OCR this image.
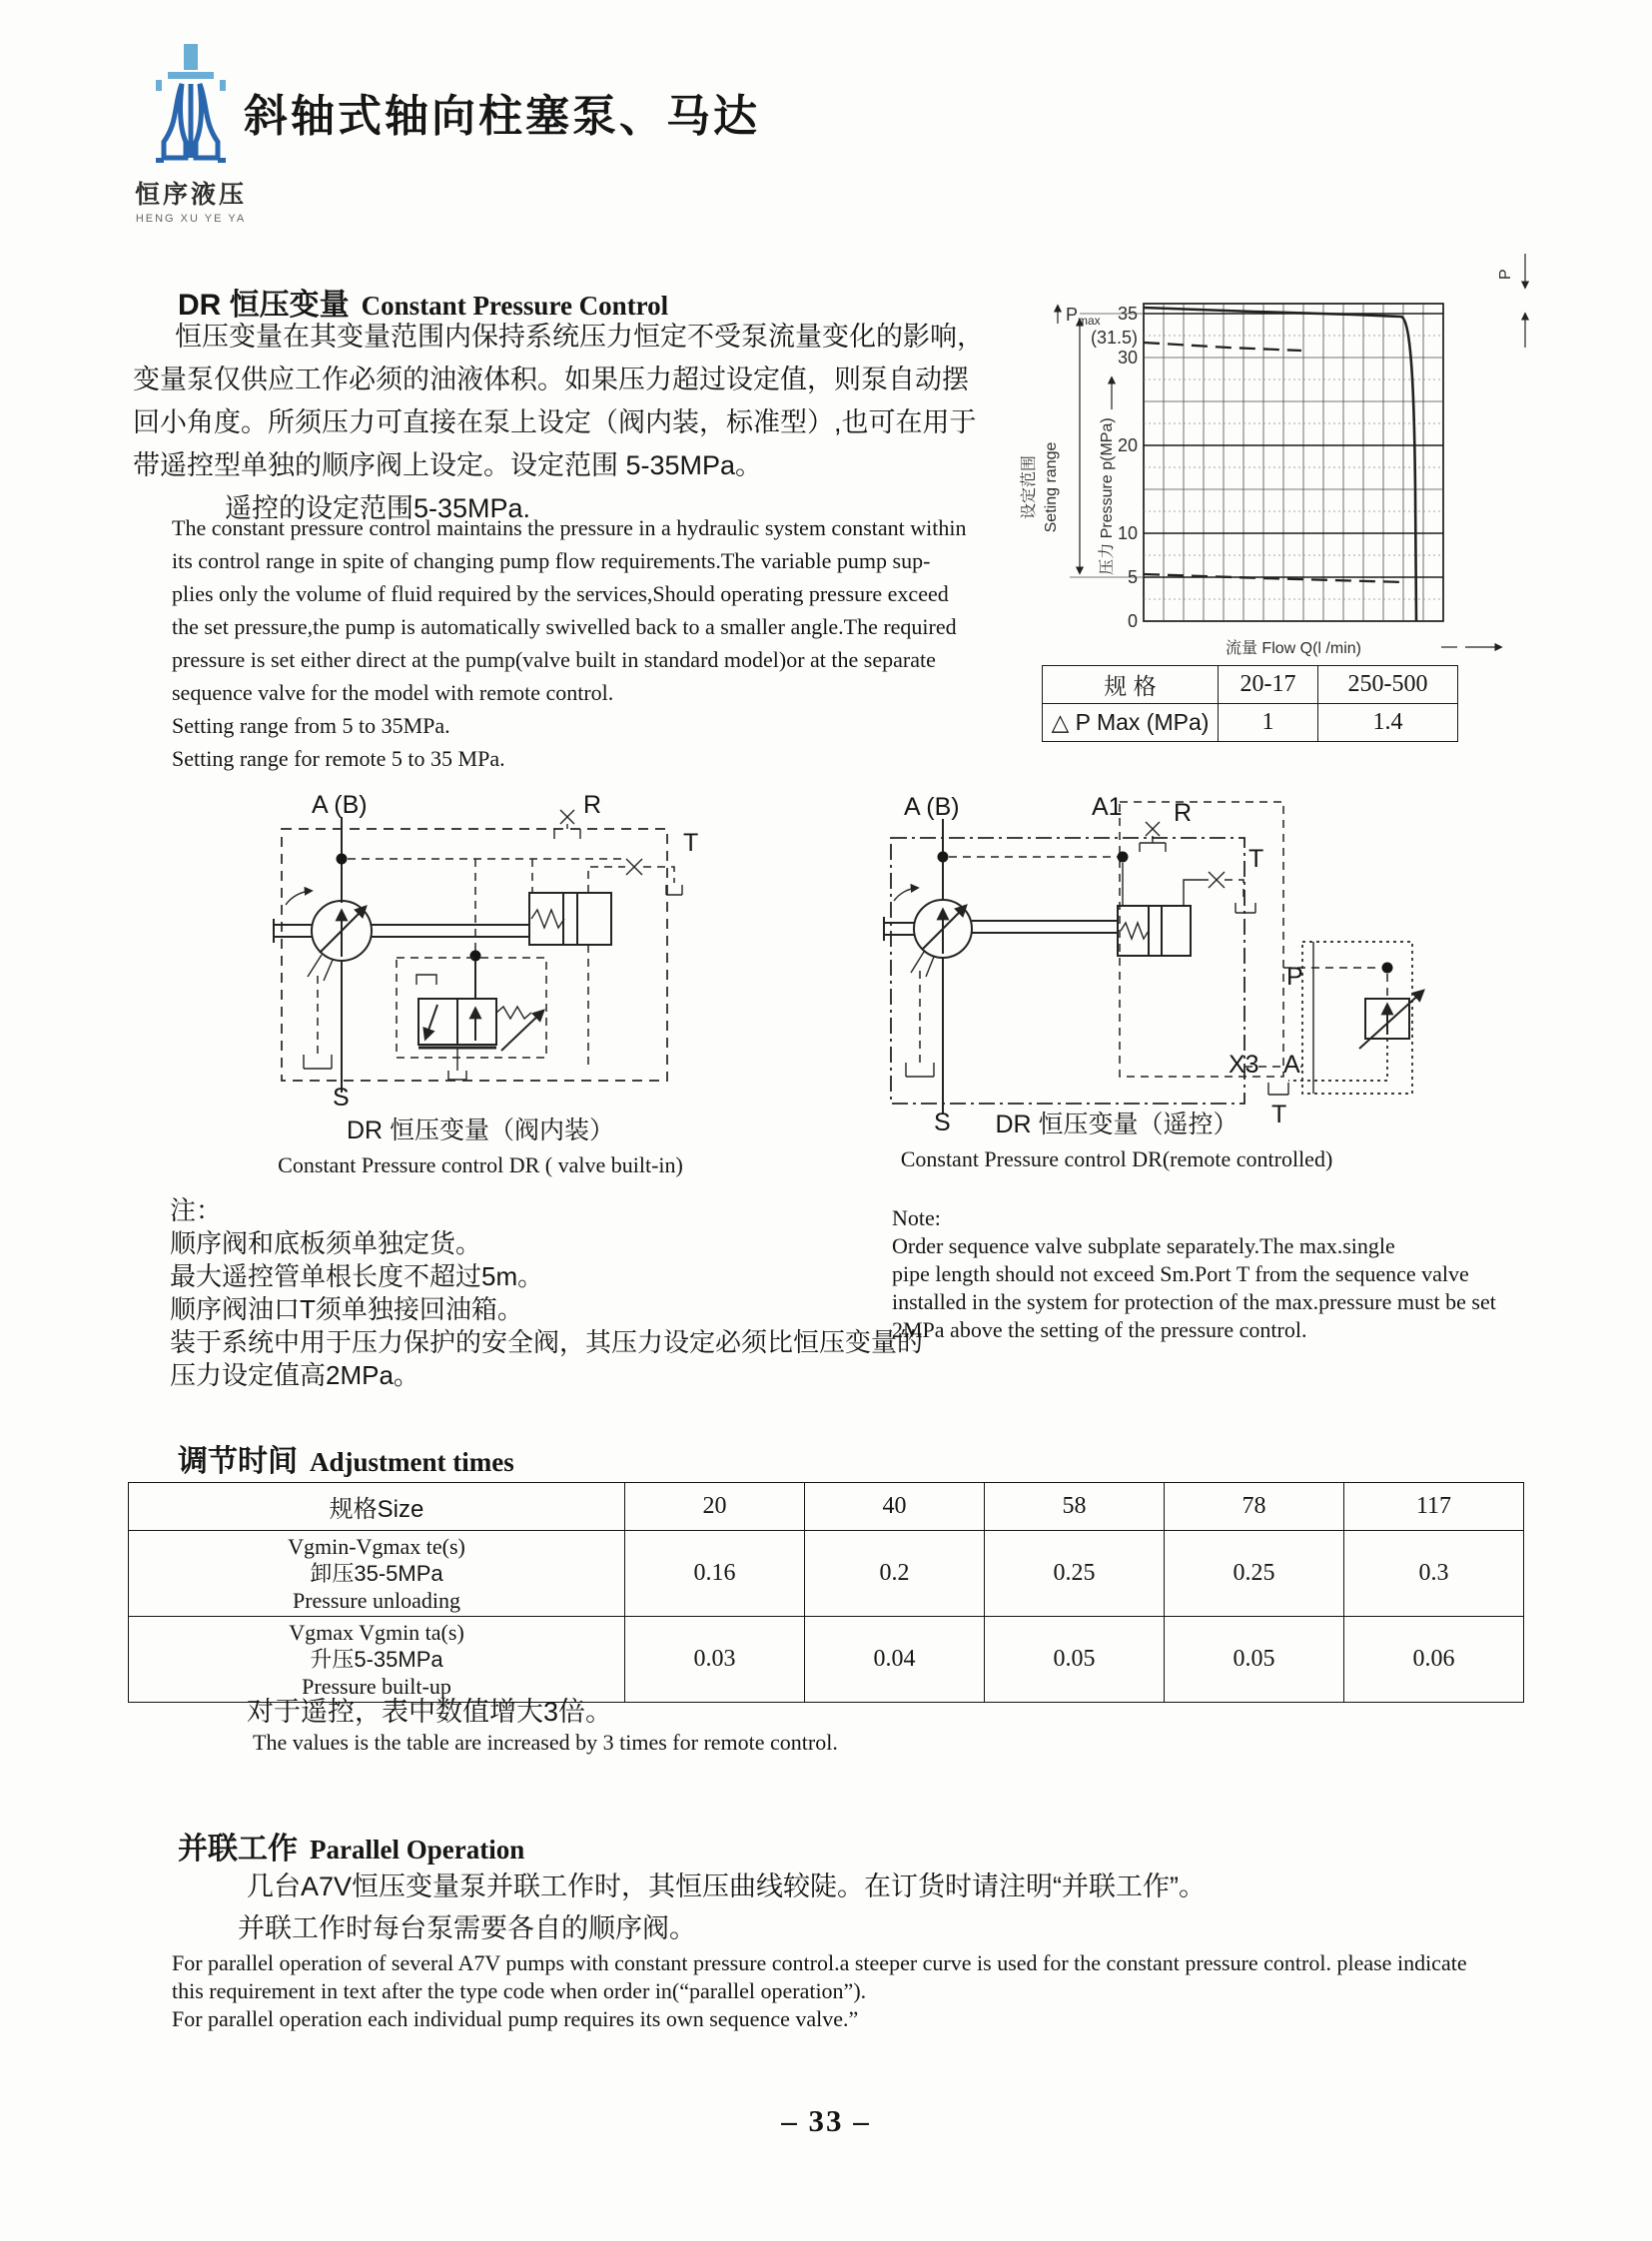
恒序液压
HENG XU YE YA
斜轴式轴向柱塞泵、马达
DR 恒压变量 Constant Pressure Control
恒压变量在其变量范围内保持系统压力恒定不受泵流量变化的影响，
变量泵仅供应工作必须的油液体积。如果压力超过设定值，则泵自动摆
回小角度。所须压力可直接在泵上设定（阀内装，标准型）,也可在用于
带遥控型单独的顺序阀上设定。设定范围 5-35MPa。
遥控的设定范围5-35MPa.
The constant pressure control maintains the pressure in a hydraulic system constant within
its control range in spite of changing pump flow requirements.The variable pump sup-
plies only the volume of fluid required by the services,Should operating pressure exceed
the set pressure,the pump is automatically swivelled back to a smaller angle.The required
pressure is set either direct at the pump(valve built in standard model)or at the separate
sequence valve for the model with remote control.
Setting range from 5 to 35MPa.
Setting range for remote 5 to 35 MPa.
35
(31.5)
30
20
10
5
0
$P_{max}$
设定范围 Seting range 压力 Pressure p(MPa)
流量 Flow Q(l /min)
P
规 格	20-17	250-500
△ P Max (MPa)	1	1.4
A (B)
S
R
T
A (B)	A1 R
S
T
X3 A
P
T
DR 恒压变量（阀内装）
Constant Pressure control DR ( valve built-in)
DR 恒压变量（遥控）
Constant Pressure control DR(remote controlled)
注：
顺序阀和底板须单独定货。
最大遥控管单根长度不超过5m。
顺序阀油口T须单独接回油箱。
装于系统中用于压力保护的安全阀，其压力设定必须比恒压变量的
压力设定值高2MPa。
Note:
Order sequence valve subplate separately.The max.single
pipe length should not exceed Sm.Port T from the sequence valve
installed in the system for protection of the max.pressure must be set
2MPa above the setting of the pressure control.
调节时间 Adjustment times
规格Size	20	40	58	78	117

Vgmin-Vgmax te(s)
卸压35-5MPa
Pressure unloading	0.16	0.2	0.25	0.25	0.3

Vgmax Vgmin ta(s)
升压5-35MPa
Pressure built-up	0.03	0.04	0.05	0.05	0.06
对于遥控，表中数值增大3倍。
The values is the table are increased by 3 times for remote control.
并联工作 Parallel Operation
几台A7V恒压变量泵并联工作时，其恒压曲线较陡。在订货时请注明“并联工作”。
并联工作时每台泵需要各自的顺序阀。
For parallel operation of several A7V pumps with constant pressure control.a steeper curve is used for the constant pressure control. please indicate
this requirement in text after the type code when order in(“parallel operation”).
For parallel operation each individual pump requires its own sequence valve.”
– 33 –
